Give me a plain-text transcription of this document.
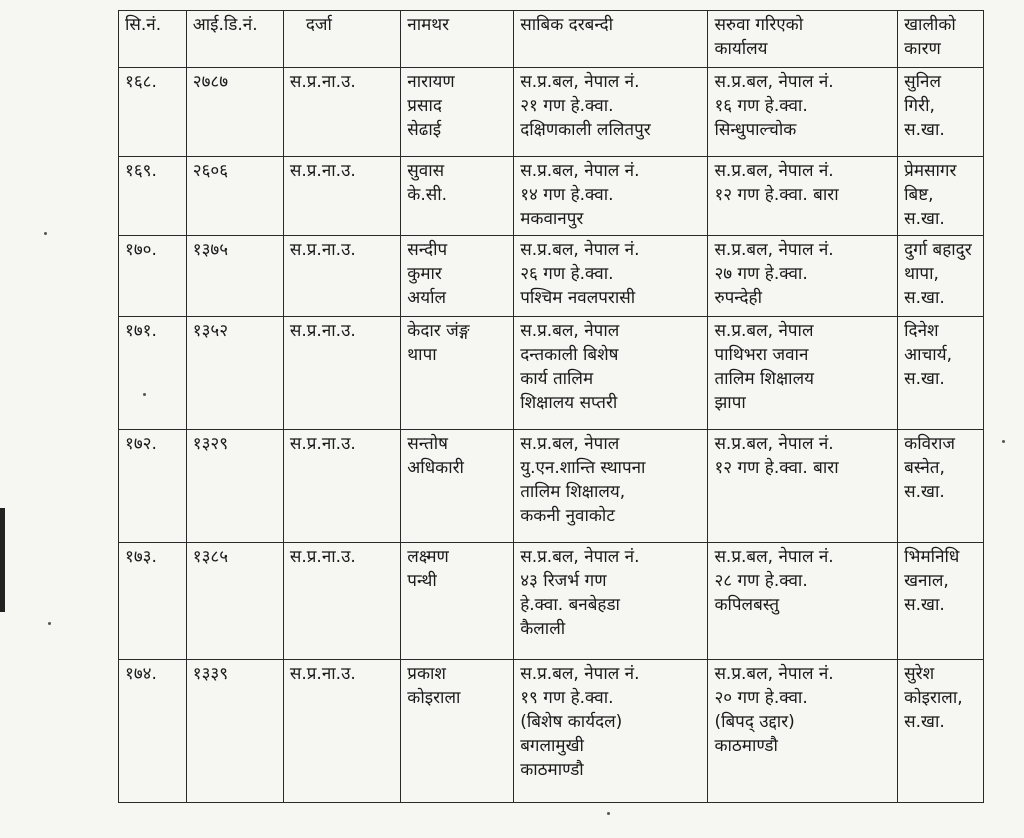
सि.नं.	आई.डि.नं.	दर्जा	नामथर	साबिक दरबन्दी	सरुवा गरिएको
कार्यालय	खालीको
कारण

१६८.	२७८७	स.प्र.ना.उ.	नारायण
प्रसाद
सेढाई	स.प्र.बल, नेपाल नं.
२१ गण हे.क्वा.
दक्षिणकाली ललितपुर	स.प्र.बल, नेपाल नं.
१६ गण हे.क्वा.
सिन्धुपाल्चोक	सुनिल
गिरी,
स.खा.

१६९.	२६०६	स.प्र.ना.उ.	सुवास
के.सी.	स.प्र.बल, नेपाल नं.
१४ गण हे.क्वा.
मकवानपुर	स.प्र.बल, नेपाल नं.
१२ गण हे.क्वा. बारा	प्रेमसागर
बिष्ट,
स.खा.

१७०.	१३७५	स.प्र.ना.उ.	सन्दीप
कुमार
अर्याल	स.प्र.बल, नेपाल नं.
२६ गण हे.क्वा.
पश्चिम नवलपरासी	स.प्र.बल, नेपाल नं.
२७ गण हे.क्वा.
रुपन्देही	दुर्गा बहादुर
थापा,
स.खा.

१७१.	१३५२	स.प्र.ना.उ.	केदार जंङ्ग
थापा	स.प्र.बल, नेपाल
दन्तकाली बिशेष
कार्य तालिम
शिक्षालय सप्तरी	स.प्र.बल, नेपाल
पाथिभरा जवान
तालिम शिक्षालय
झापा	दिनेश
आचार्य,
स.खा.

१७२.	१३२९	स.प्र.ना.उ.	सन्तोष
अधिकारी	स.प्र.बल, नेपाल
यु.एन.शान्ति स्थापना
तालिम शिक्षालय,
ककनी नुवाकोट	स.प्र.बल, नेपाल नं.
१२ गण हे.क्वा. बारा	कविराज
बस्नेत,
स.खा.

१७३.	१३८५	स.प्र.ना.उ.	लक्ष्मण
पन्थी	स.प्र.बल, नेपाल नं.
४३ रिजर्भ गण
हे.क्वा. बनबेहडा
कैलाली	स.प्र.बल, नेपाल नं.
२८ गण हे.क्वा.
कपिलबस्तु	भिमनिधि
खनाल,
स.खा.

१७४.	१३३९	स.प्र.ना.उ.	प्रकाश
कोइराला	स.प्र.बल, नेपाल नं.
१९ गण हे.क्वा.
(बिशेष कार्यदल)
बगलामुखी
काठमाण्डौ	स.प्र.बल, नेपाल नं.
२० गण हे.क्वा.
(बिपद् उद्दार)
काठमाण्डौ	सुरेश
कोइराला,
स.खा.
